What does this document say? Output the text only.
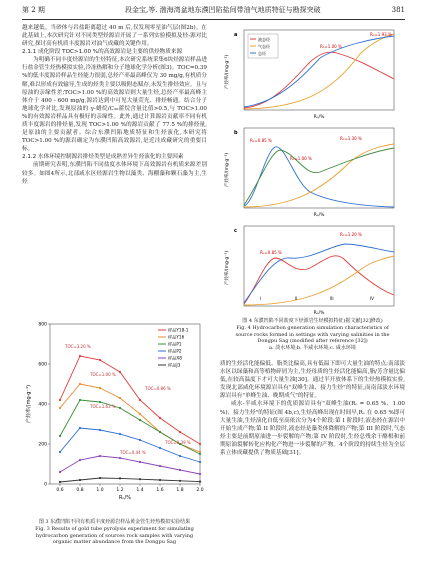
第 2 期	段金宝,等. 渤海湾盆地东濮凹陷盐间带油气地质特征与勘探突破	381

越来越低。当砂体与岩盐距离超过 40 m 后,仅发现零星油气层(图2b)。在此基础上,本次研究针对不同类型烃源岩开展了一系列实验模拟及烃-源对比研究,探讨高有机质丰度源岩对油气成藏的关键作用。

2.1.1 成化阶段 TOC>1.00 %的高效源岩是主要的供烃物质来源

为明确不同丰度烃源岩的生烃特征,本次研究系统采集6块烃源岩样品进行盐金管生烃热模拟实验,冷冻热解和分子地球化学分析(图3)。TOC=0.39 %的低丰度源岩样品生烃能力很弱,总烃产率最高峰仅为 30 mg/g,有机质分解,难以形成有效输导,生成的烃类主要以吸附态赋存,未发生排烃效应。且与原油的亲缘性差;TOC>1.00 %的高效源岩则大量生烃,总烃产率最高峰主体介于 400 - 600 mg/g,源岩达到中可见大量荧光、排烃畅通。结合分子地球化学对比,发现原油的 γ-蜡烷/C₃₀藿烷含量比值>0.5,与 TOC>1.00 %的有效源岩样品具有极好的亲缘性。此外,通过计算源岩贡献率不同有机质丰度源岩的排烃量,发现 TOC>1.00 %的源岩贡献了 77.5 %的排烃量,是原油的主要贡献者。综合东濮凹陷地质特征和生烃演化,本研究将 TOC>1.00 %的源岩确定为东濮凹陷高效源岩,是近洼成藏研究的重要目标。

2.1.2 水体环境控制源岩排烃类型是成熟差异生烃演化的主要因素

前期研究表明,东濮凹陷不同盐度水体环境下高效源岩有机质来源差别较多。如图4所示,北部咸水区烃源岩生物以藻类、海棚藻和颗石藻为主,生烃

0
200
400
600
800
0.6	0.8	1.0	1.2	1.4	1.6	1.8	2.0
Rₒ/%
产烃率/(mg·g⁻¹)
样品Y18-1
样品Y16
样品P1
样品P2
样品X8
样品J3
TOC=3.20 %
TOC=1.00 %
TOC=0.86 %
TOC=0.39 %
TOC=0.44 %
TOC=1.63 %
图 3 东濮凹陷不同有机质丰度烃源岩样品黄金管生烃热模拟实验结果
Fig. 3 Results of gold tube pyrolysis experiment for simulating
hydrocarbon generation of sources rock samples with varying
organic matter abundance from the Dongpu Sag
产烃率/(mg·g⁻¹)
Rₒ/%
a
液态烃
气态烃
总烃
Rₒ=1.93 %
Rₒ=1.00 %
产烃率/(mg·g⁻¹)
Rₒ/%
b
Rₒ=0.85 %
Rₒ=1.00 %
Rₒ=1.30 %
产烃率/(mg·g⁻¹)
Rₒ/%
c
Rₒ=1.20 %
Rₒ=0.85 %
I	II	III	IV
图 4 东濮凹陷不同盐度下烃源岩生烃模拟特征(据文献[32]修改)
Fig. 4 Hydrocarbon generation simulation characteristics of
source rocks formed in settings with varying salinities in the
Dongpu Sag (modified after reference [32])
a. 淡水环境;b. 半咸水环境;c. 咸水环境

质的生烃活化能偏低、脂类比偏高,具有低温下即可大量生油的特点;南部淡水区以绿藻和高等植物碎屑为主,生烃母质的生烃活化能偏高,脂/芳含量比偏低,在较高温度下才可大量生油[30]。通过半开放体系下的生烃热模拟实验,发现北部咸化环境源岩具有"双峰生油、接力生烃"的特征,而南部淡水环境源岩具有"单峰生油、晚期成气"的特征。

咸水-半咸水环境下的优质源岩具有"双峰生油(Rₒ = 0.65 %、1.00 %)、接力生烃"的特征(图 4b,c),生烃高峰出现在时间早,Rₒ 在 0.65 %即可大量生油,生烃演化自低至高依次分为4个阶段:第 I 阶段时,液态烃在源岩中开始生成产物;第 II 阶段时,液态烃是藻类体降解的产物;第 III 阶段时,气态烃主要是前期原油进一步裂解的产物;第 IV 阶段时,生烃总残余干酪根和前期原油裂解转化应构化产物进一步裂解的产物。4个阶段的持续生烃为全层系立体成藏提供了物质基础[31]。
